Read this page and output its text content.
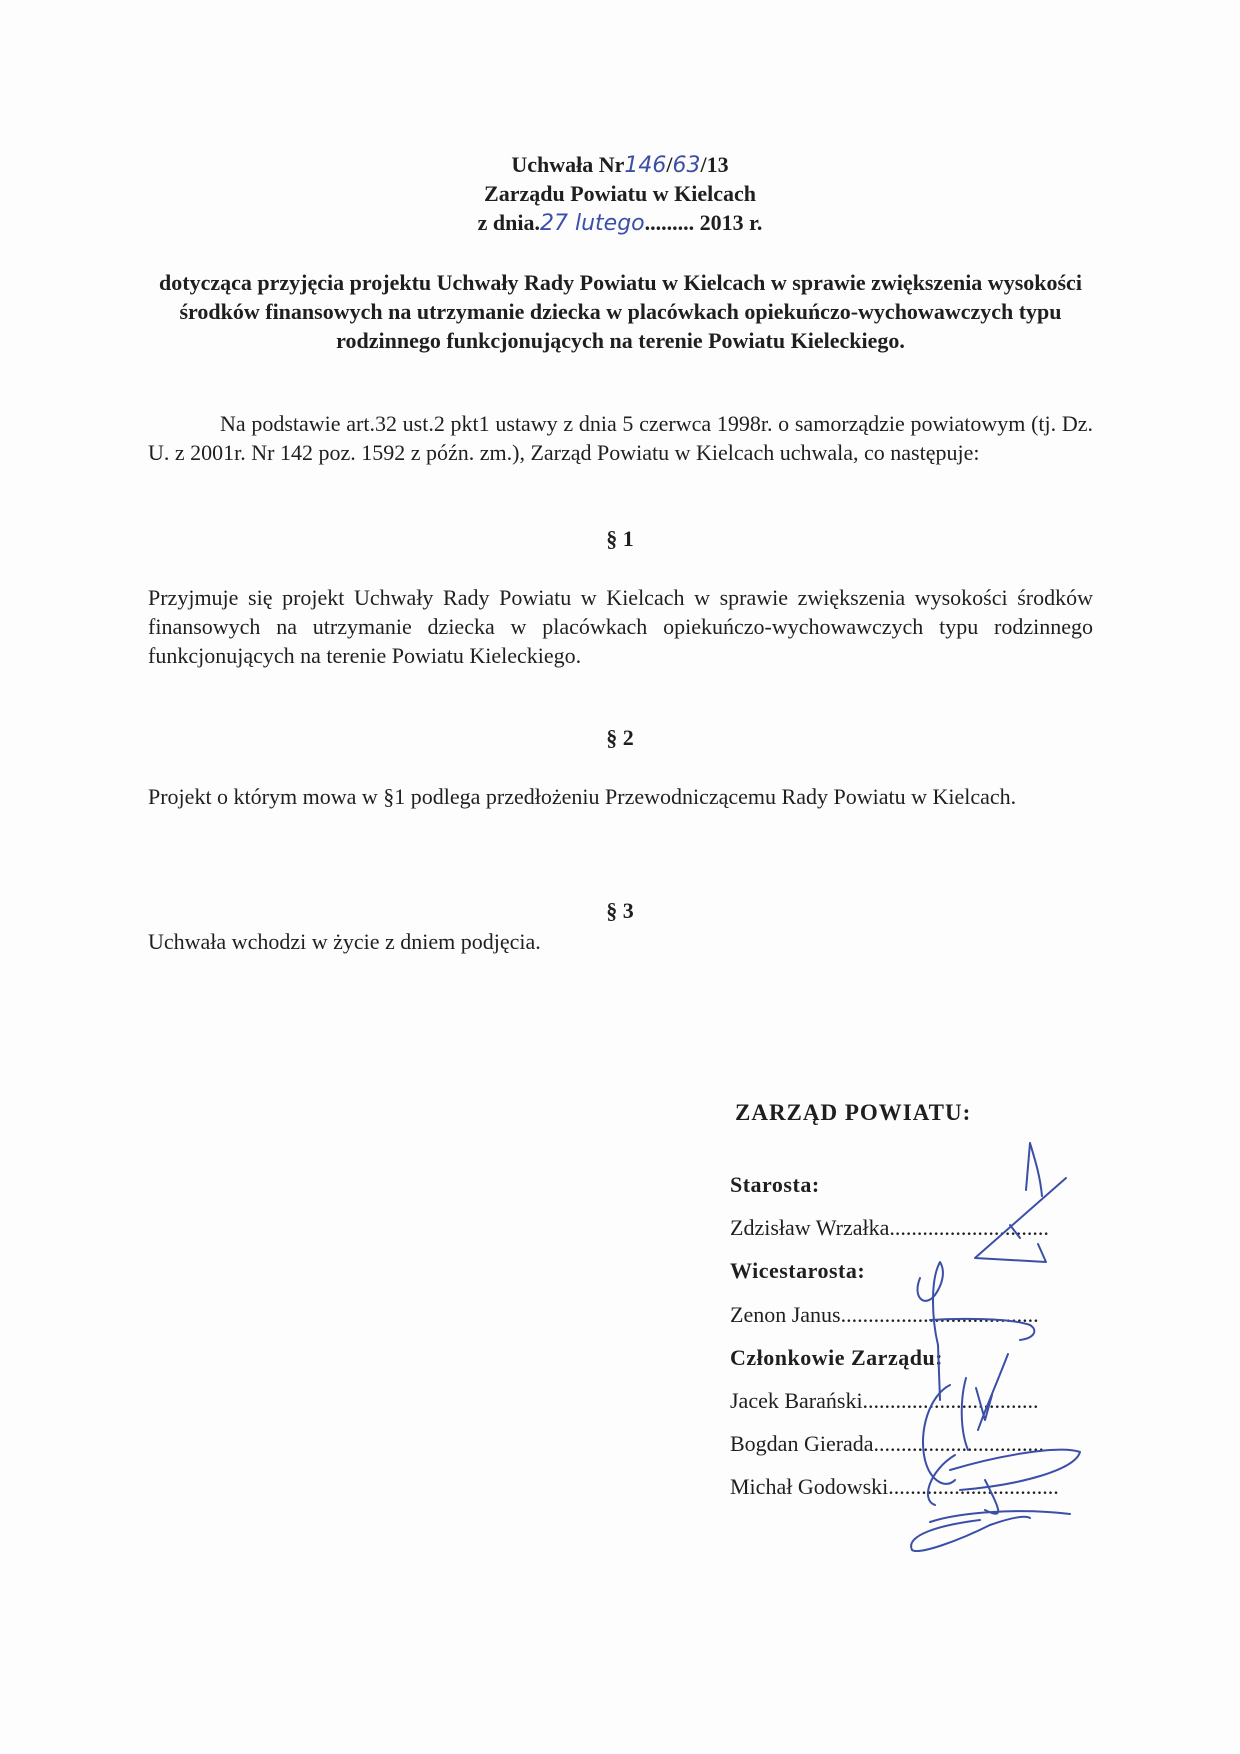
Uchwała Nr146/63/13
Zarządu Powiatu w Kielcach
z dnia.27 lutego......... 2013 r.
dotycząca przyjęcia projektu Uchwały Rady Powiatu w Kielcach w sprawie zwiększenia wysokości środków finansowych na utrzymanie dziecka w placówkach opiekuńczo-wychowawczych typu rodzinnego funkcjonujących na terenie Powiatu Kieleckiego.
Na podstawie art.32 ust.2 pkt1 ustawy z dnia 5 czerwca 1998r. o samorządzie powiatowym (tj. Dz. U. z 2001r. Nr 142 poz. 1592 z późn. zm.), Zarząd Powiatu w Kielcach uchwala, co następuje:
§ 1
Przyjmuje się projekt Uchwały Rady Powiatu w Kielcach w sprawie zwiększenia wysokości środków finansowych na utrzymanie dziecka w placówkach opiekuńczo-wychowawczych typu rodzinnego funkcjonujących na terenie Powiatu Kieleckiego.
§ 2
Projekt o którym mowa w §1 podlega przedłożeniu Przewodniczącemu Rady Powiatu w Kielcach.
§ 3
Uchwała wchodzi w życie z dniem podjęcia.
ZARZĄD POWIATU:
Starosta:
Zdzisław Wrzałka.............................
Wicestarosta:
Zenon Janus....................................
Członkowie Zarządu:
Jacek Barański................................
Bogdan Gierada...............................
Michał Godowski...............................
